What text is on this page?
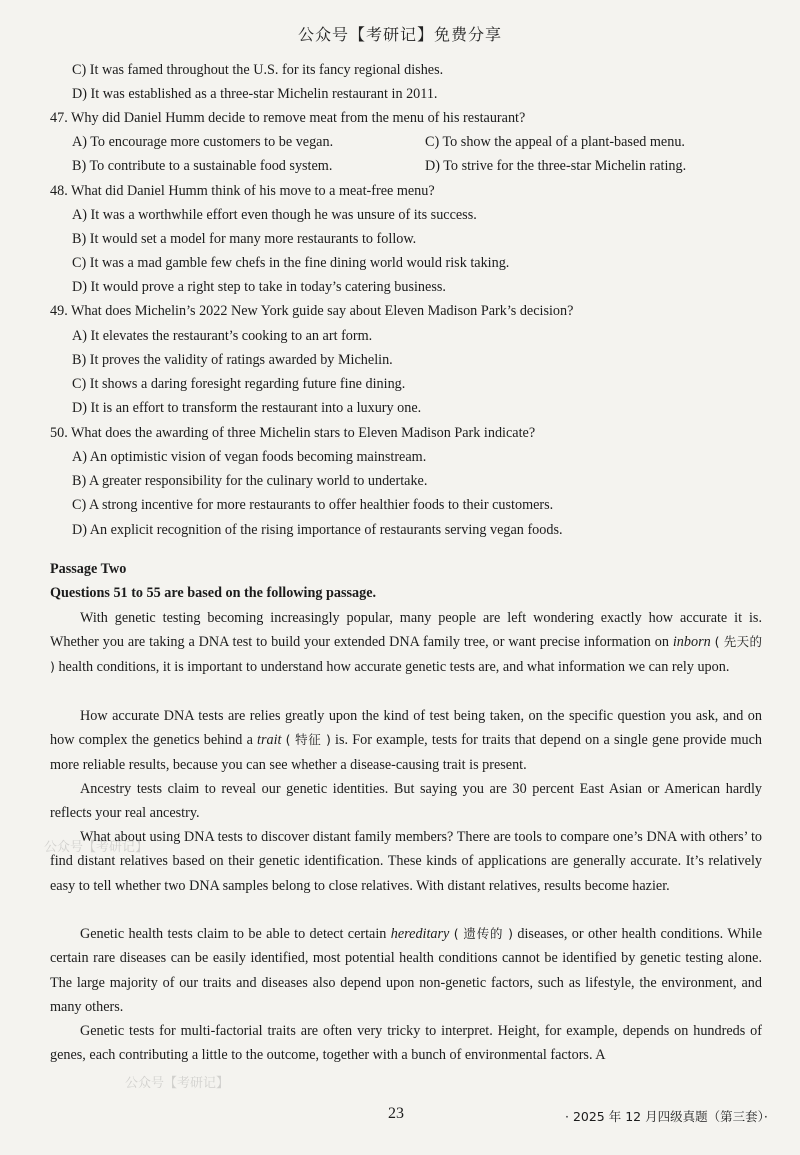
公众号【考研记】免费分享
C) It was famed throughout the U.S. for its fancy regional dishes.
D) It was established as a three-star Michelin restaurant in 2011.
47. Why did Daniel Humm decide to remove meat from the menu of his restaurant?
A) To encourage more customers to be vegan.	C) To show the appeal of a plant-based menu.
B) To contribute to a sustainable food system.	D) To strive for the three-star Michelin rating.
48. What did Daniel Humm think of his move to a meat-free menu?
A) It was a worthwhile effort even though he was unsure of its success.
B) It would set a model for many more restaurants to follow.
C) It was a mad gamble few chefs in the fine dining world would risk taking.
D) It would prove a right step to take in today’s catering business.
49. What does Michelin’s 2022 New York guide say about Eleven Madison Park’s decision?
A) It elevates the restaurant’s cooking to an art form.
B) It proves the validity of ratings awarded by Michelin.
C) It shows a daring foresight regarding future fine dining.
D) It is an effort to transform the restaurant into a luxury one.
50. What does the awarding of three Michelin stars to Eleven Madison Park indicate?
A) An optimistic vision of vegan foods becoming mainstream.
B) A greater responsibility for the culinary world to undertake.
C) A strong incentive for more restaurants to offer healthier foods to their customers.
D) An explicit recognition of the rising importance of restaurants serving vegan foods.
Passage Two
Questions 51 to 55 are based on the following passage.
With genetic testing becoming increasingly popular, many people are left wondering exactly how accurate it is. Whether you are taking a DNA test to build your extended DNA family tree, or want precise information on inborn ( 先天的 ) health conditions, it is important to understand how accurate genetic tests are, and what information we can rely upon.
How accurate DNA tests are relies greatly upon the kind of test being taken, on the specific question you ask, and on how complex the genetics behind a trait ( 特征 ) is. For example, tests for traits that depend on a single gene provide much more reliable results, because you can see whether a disease-causing trait is present.
Ancestry tests claim to reveal our genetic identities. But saying you are 30 percent East Asian or American hardly reflects your real ancestry.
What about using DNA tests to discover distant family members? There are tools to compare one’s DNA with others’ to find distant relatives based on their genetic identification. These kinds of applications are generally accurate. It’s relatively easy to tell whether two DNA samples belong to close relatives. With distant relatives, results become hazier.
Genetic health tests claim to be able to detect certain hereditary ( 遗传的 ) diseases, or other health conditions. While certain rare diseases can be easily identified, most potential health conditions cannot be identified by genetic testing alone. The large majority of our traits and diseases also depend upon non-genetic factors, such as lifestyle, the environment, and many others.
Genetic tests for multi-factorial traits are often very tricky to interpret. Height, for example, depends on hundreds of genes, each contributing a little to the outcome, together with a bunch of environmental factors. A
公众号【考研记】
公众号【考研记】
23	· 2025 年 12 月四级真题（第三套）·
